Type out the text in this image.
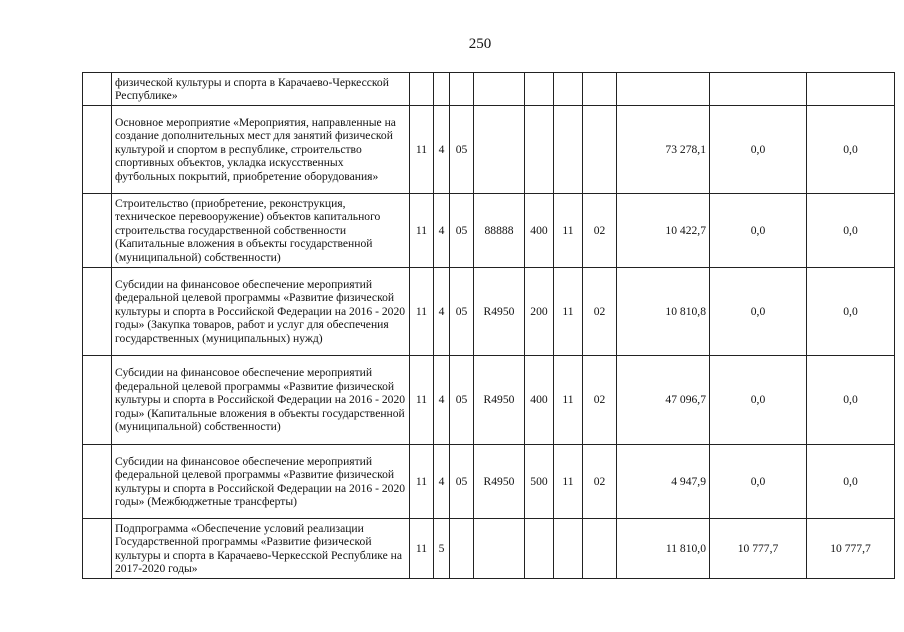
250
	физической культуры и спорта в Карачаево-Черкесской Республике»										
	Основное мероприятие «Мероприятия, направленные на создание дополнительных мест для занятий физической культурой и спортом в республике, строительство спортивных объектов, укладка искусственных футбольных покрытий, приобретение оборудования»	11	4	05					73 278,1	0,0	0,0
	Строительство (приобретение, реконструкция, техническое перевооружение) объектов капитального строительства государственной собственности (Капитальные вложения в объекты государственной (муниципальной) собственности)	11	4	05	88888	400	11	02	10 422,7	0,0	0,0
	Субсидии на финансовое обеспечение мероприятий федеральной целевой программы «Развитие физической культуры и спорта в Российской Федерации на 2016 - 2020 годы» (Закупка товаров, работ и услуг для обеспечения государственных (муниципальных) нужд)	11	4	05	R4950	200	11	02	10 810,8	0,0	0,0
	Субсидии на финансовое обеспечение мероприятий федеральной целевой программы «Развитие физической культуры и спорта в Российской Федерации на 2016 - 2020 годы» (Капитальные вложения в объекты государственной (муниципальной) собственности)	11	4	05	R4950	400	11	02	47 096,7	0,0	0,0
	Субсидии на финансовое обеспечение мероприятий федеральной целевой программы «Развитие физической культуры и спорта в Российской Федерации на 2016 - 2020 годы» (Межбюджетные трансферты)	11	4	05	R4950	500	11	02	4 947,9	0,0	0,0
	Подпрограмма «Обеспечение условий реализации Государственной программы «Развитие физической культуры и спорта в Карачаево-Черкесской Республике на 2017-2020 годы»	11	5						11 810,0	10 777,7	10 777,7
